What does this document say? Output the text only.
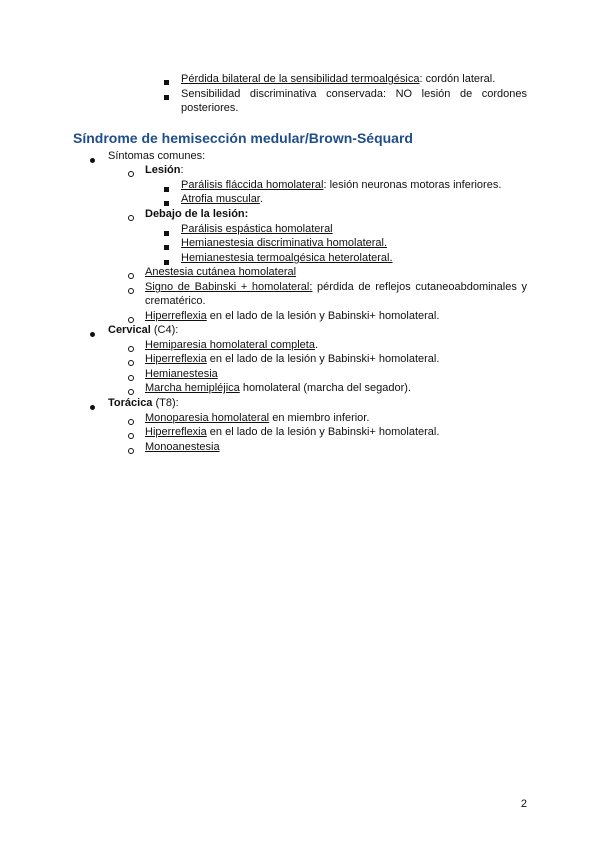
Pérdida bilateral de la sensibilidad termoalgésica: cordón lateral.
Sensibilidad discriminativa conservada: NO lesión de cordones
posteriores.
Síndrome de hemisección medular/Brown-Séquard
Síntomas comunes:
Lesión:
Parálisis fláccida homolateral: lesión neuronas motoras inferiores.
Atrofia muscular.
Debajo de la lesión:
Parálisis espástica homolateral
Hemianestesia discriminativa homolateral.
Hemianestesia termoalgésica heterolateral.
Anestesia cutánea homolateral
Signo de Babinski + homolateral: pérdida de reflejos cutaneoabdominales y
crematérico.
Hiperreflexia en el lado de la lesión y Babinski+ homolateral.
Cervical (C4):
Hemiparesia homolateral completa.
Hiperreflexia en el lado de la lesión y Babinski+ homolateral.
Hemianestesia
Marcha hemipléjica homolateral (marcha del segador).
Torácica (T8):
Monoparesia homolateral en miembro inferior.
Hiperreflexia en el lado de la lesión y Babinski+ homolateral.
Monoanestesia
2
